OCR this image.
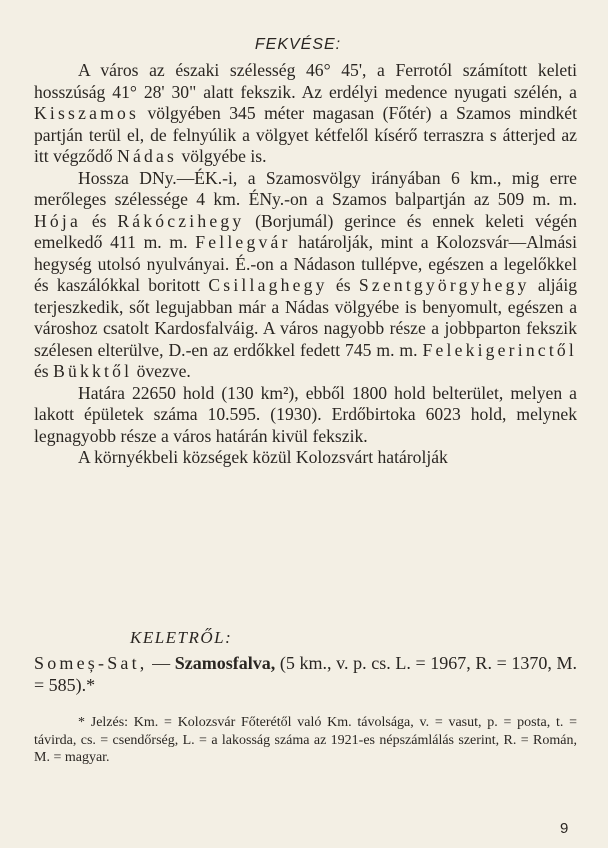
FEKVÉSE:

A város az északi szélesség 46° 45', a Ferrotól számított keleti hosszúság 41° 28' 30" alatt fekszik. Az erdélyi medence nyugati szélén, a Kisszamos völgyében 345 méter magasan (Főtér) a Szamos mindkét partján terül el, de felnyúlik a völgyet kétfelől kísérő terraszra s átterjed az itt végződő Nádas völgyébe is.

Hossza DNy.—ÉK.-i, a Szamosvölgy irányában 6 km., mig erre merőleges szélessége 4 km. ÉNy.-on a Szamos balpartján az 509 m. m. Hója és Rákóczihegy (Borjumál) gerince és ennek keleti végén emelkedő 411 m. m. Fellegvár határolják, mint a Kolozsvár—Almási hegység utolsó nyulványai. É.-on a Nádason tullépve, egészen a legelőkkel és kaszálókkal boritott Csillaghegy és Szentgyörgyhegy aljáig terjeszkedik, sőt legujabban már a Nádas völgyébe is benyomult, egészen a városhoz csatolt Kardosfalváig. A város nagyobb része a jobbparton fekszik szélesen elterülve, D.-en az erdőkkel fedett 745 m. m. Felekigerinctől és Bükktől övezve.

Határa 22650 hold (130 km²), ebből 1800 hold belterület, melyen a lakott épületek száma 10.595. (1930). Erdőbirtoka 6023 hold, melynek legnagyobb része a város határán kivül fekszik.

A környékbeli községek közül Kolozsvárt határolják

KELETRŐL:
Someș-Sat, — Szamosfalva, (5 km., v. p. cs. L. = 1967, R. = 1370, M. = 585).*

* Jelzés: Km. = Kolozsvár Főterétől való Km. távolsága, v. = vasut, p. = posta, t. = távirda, cs. = csendőrség, L. = a lakosság száma az 1921-es népszámlálás szerint, R. = Román, M. = magyar.

9
